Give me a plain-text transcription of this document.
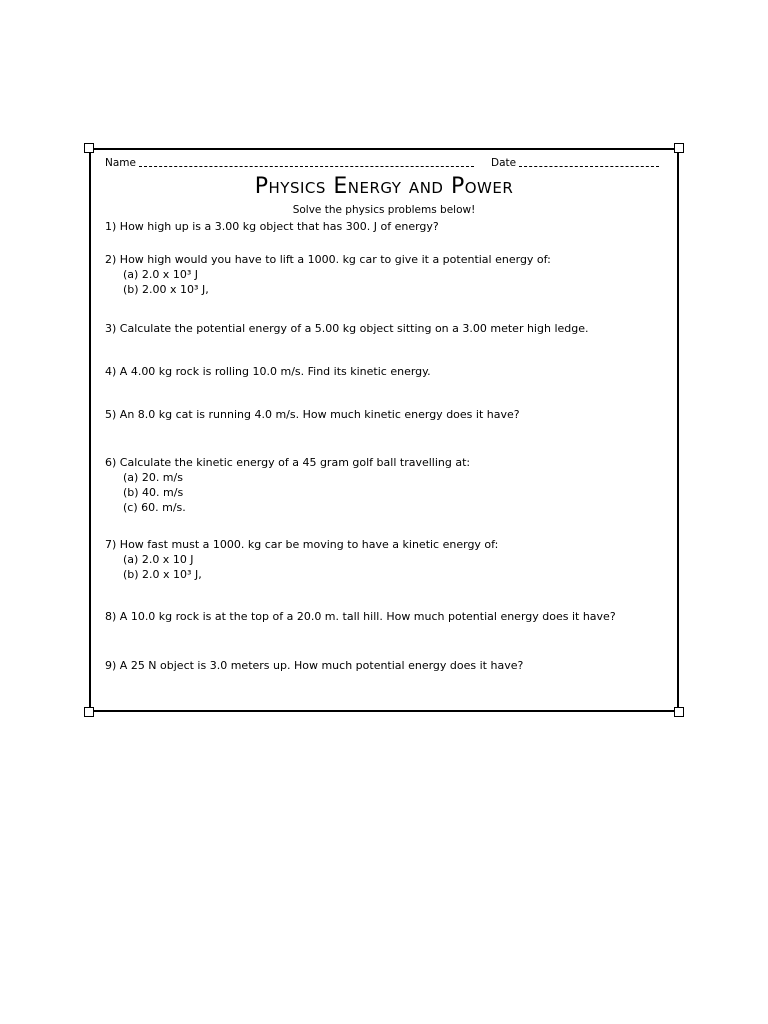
Name	Date
Physics Energy and Power
Solve the physics problems below!
1) How high up is a 3.00 kg object that has 300. J of energy?
2) How high would you have to lift a 1000. kg car to give it a potential energy of:
(a) 2.0 x 10³ J
(b) 2.00 x 10³ J,
3) Calculate the potential energy of a 5.00 kg object sitting on a 3.00 meter high ledge.
4) A 4.00 kg rock is rolling 10.0 m/s. Find its kinetic energy.
5) An 8.0 kg cat is running 4.0 m/s. How much kinetic energy does it have?
6) Calculate the kinetic energy of a 45 gram golf ball travelling at:
(a) 20. m/s
(b) 40. m/s
(c) 60. m/s.
7) How fast must a 1000. kg car be moving to have a kinetic energy of:
(a) 2.0 x 10 J
(b) 2.0 x 10³ J,
8) A 10.0 kg rock is at the top of a 20.0 m. tall hill. How much potential energy does it have?
9) A 25 N object is 3.0 meters up. How much potential energy does it have?
